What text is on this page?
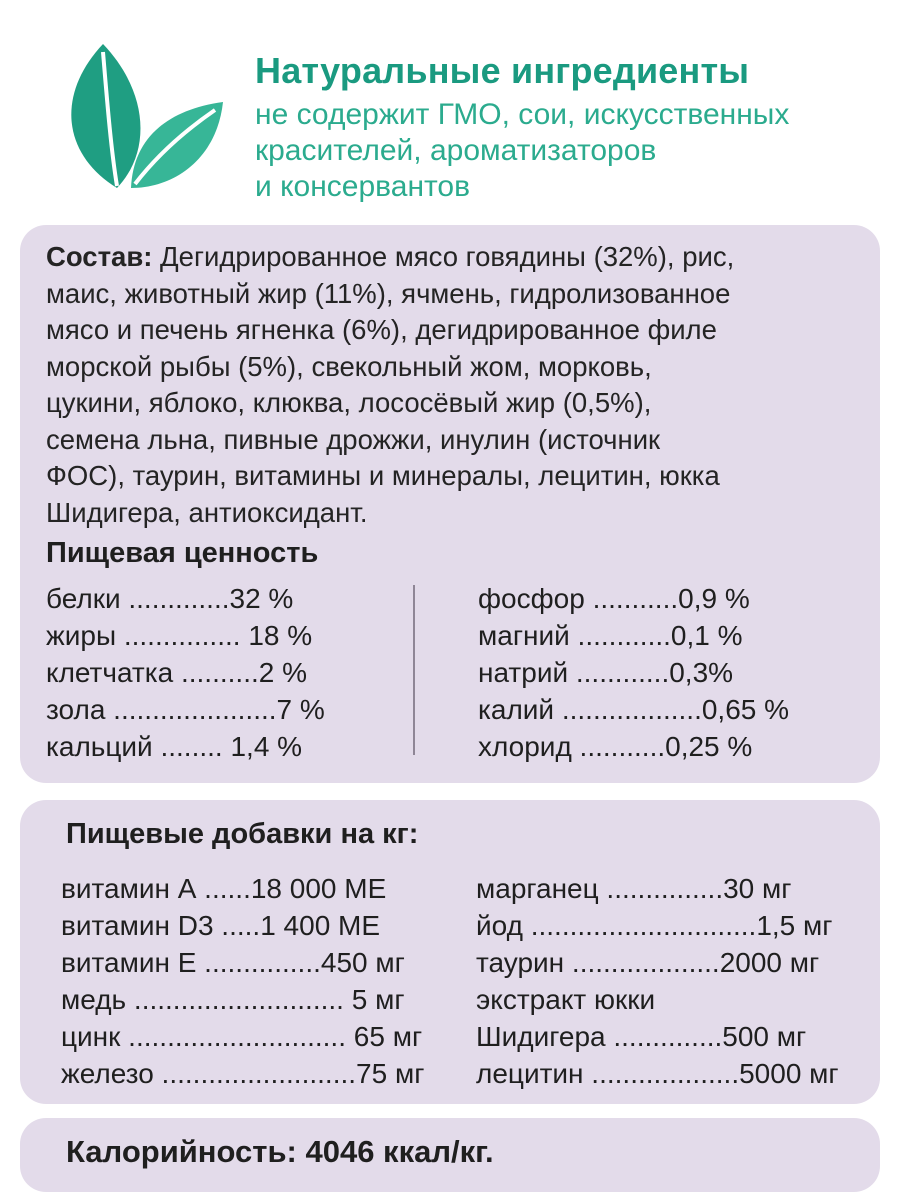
Натуральные ингредиенты
не содержит ГМО, сои, искусственных
красителей, ароматизаторов
и консервантов
Состав: Дегидрированное мясо говядины (32%), рис,
маис, животный жир (11%), ячмень, гидролизованное
мясо и печень ягненка (6%), дегидрированное филе
морской рыбы (5%), свекольный жом, морковь,
цукини, яблоко, клюква, лососёвый жир (0,5%),
семена льна, пивные дрожжи, инулин (источник
ФОС), таурин, витамины и минералы, лецитин, юкка
Шидигера, антиоксидант.
Пищевая ценность
белки .............32 %
жиры ............... 18 %
клетчатка ..........2 %
зола .....................7 %
кальций ........ 1,4 %
фосфор ...........0,9 %
магний ............0,1 %
натрий ............0,3%
калий ..................0,65 %
хлорид ...........0,25 %
Пищевые добавки на кг:
витамин А ......18 000 МЕ
витамин D3 .....1 400 МЕ
витамин Е ...............450 мг
медь ........................... 5 мг
цинк ............................ 65 мг
железо .........................75 мг
марганец ...............30 мг
йод .............................1,5 мг
таурин ...................2000 мг
экстракт юкки
Шидигера ..............500 мг
лецитин ...................5000 мг
Калорийность: 4046 ккал/кг.
